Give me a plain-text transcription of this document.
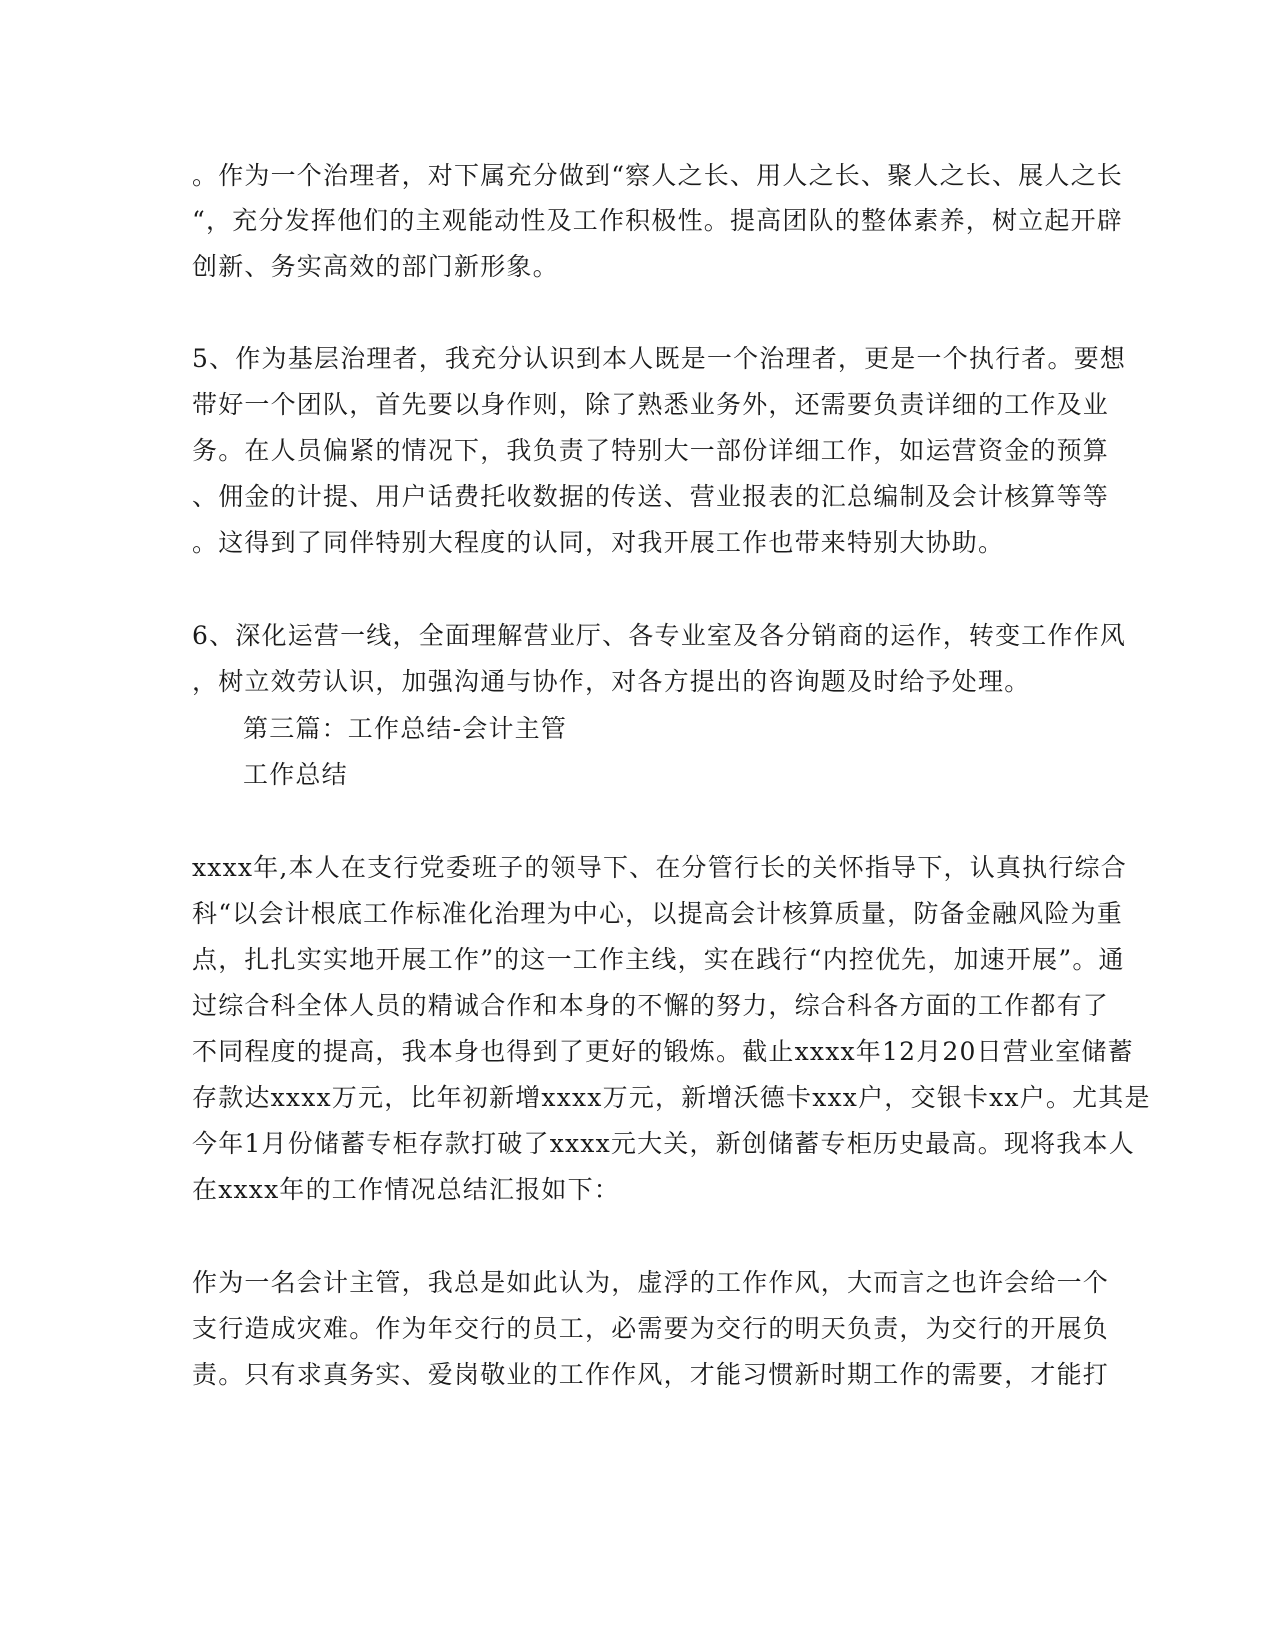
。作为一个治理者，对下属充分做到“察人之长、用人之长、聚人之长、展人之长
“，充分发挥他们的主观能动性及工作积极性。提高团队的整体素养，树立起开辟
创新、务实高效的部门新形象。
5、作为基层治理者，我充分认识到本人既是一个治理者，更是一个执行者。要想
带好一个团队，首先要以身作则，除了熟悉业务外，还需要负责详细的工作及业
务。在人员偏紧的情况下，我负责了特别大一部份详细工作，如运营资金的预算
、佣金的计提、用户话费托收数据的传送、营业报表的汇总编制及会计核算等等
。这得到了同伴特别大程度的认同，对我开展工作也带来特别大协助。
6、深化运营一线，全面理解营业厅、各专业室及各分销商的运作，转变工作作风
，树立效劳认识，加强沟通与协作，对各方提出的咨询题及时给予处理。
第三篇：工作总结-会计主管
工作总结
xxxx年,本人在支行党委班子的领导下、在分管行长的关怀指导下，认真执行综合
科“以会计根底工作标准化治理为中心，以提高会计核算质量，防备金融风险为重
点，扎扎实实地开展工作”的这一工作主线，实在践行“内控优先，加速开展”。通
过综合科全体人员的精诚合作和本身的不懈的努力，综合科各方面的工作都有了
不同程度的提高，我本身也得到了更好的锻炼。截止xxxx年12月20日营业室储蓄
存款达xxxx万元，比年初新增xxxx万元，新增沃德卡xxx户，交银卡xx户。尤其是
今年1月份储蓄专柜存款打破了xxxx元大关，新创储蓄专柜历史最高。现将我本人
在xxxx年的工作情况总结汇报如下：
作为一名会计主管，我总是如此认为，虚浮的工作作风，大而言之也许会给一个
支行造成灾难。作为年交行的员工，必需要为交行的明天负责，为交行的开展负
责。只有求真务实、爱岗敬业的工作作风，才能习惯新时期工作的需要，才能打
